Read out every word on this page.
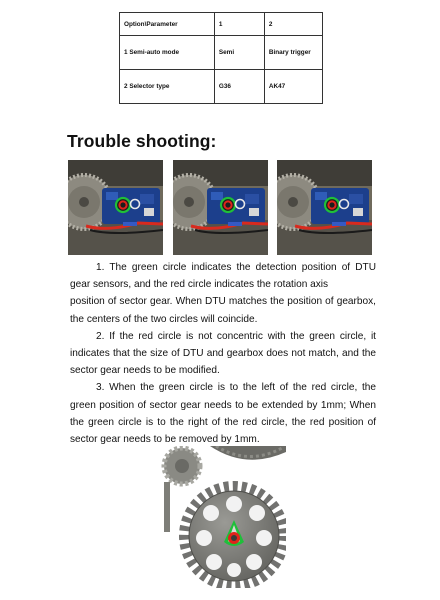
Option\Parameter	1	2
1 Semi-auto mode	Semi	Binary trigger
2 Selector type	G36	AK47
Trouble shooting:

1. The green circle indicates the detection position of DTU gear sensors, and the red circle indicates the rotation axis

position of sector gear. When DTU matches the position of gearbox, the centers of the two circles will coincide.

2. If the red circle is not concentric with the green circle, it indicates that the size of DTU and gearbox does not match, and the sector gear needs to be modified.

3. When the green circle is to the left of the red circle, the green position of sector gear needs to be extended by 1mm; When the green circle is to the right of the red circle, the red position of sector gear needs to be removed by 1mm.
